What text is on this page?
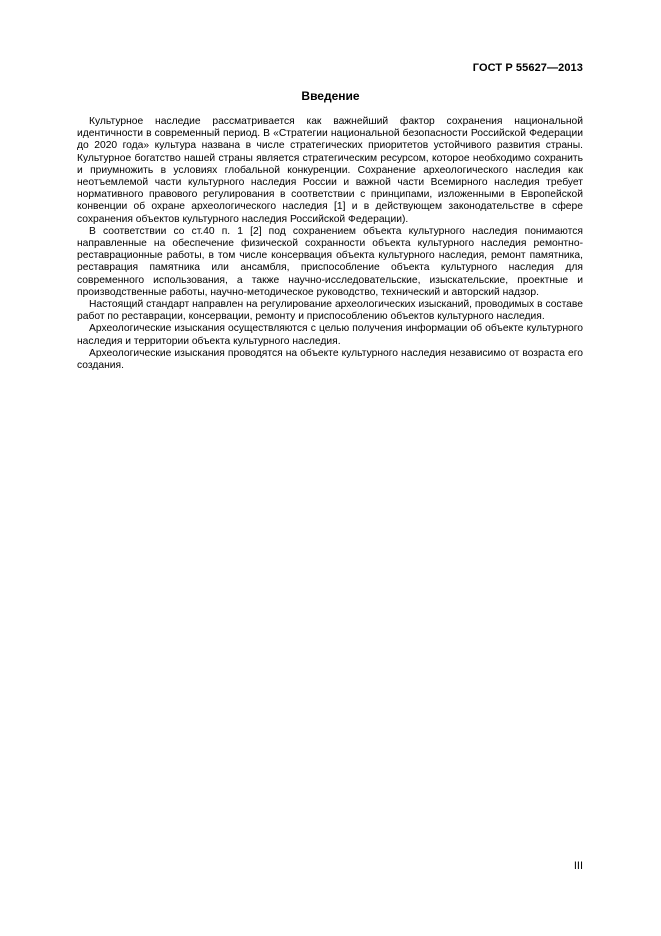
ГОСТ Р 55627—2013
Введение

Культурное наследие рассматривается как важнейший фактор сохранения национальной идентичности в современный период. В «Стратегии национальной безопасности Российской Федерации до 2020 года» культура названа в числе стратегических приоритетов устойчивого развития страны. Культурное богатство нашей страны является стратегическим ресурсом, которое необходимо сохранить и приумножить в условиях глобальной конкуренции. Сохранение археологического наследия как неотъемлемой части культурного наследия России и важной части Всемирного наследия требует нормативного правового регулирования в соответствии с принципами, изложенными в Европейской конвенции об охране археологического наследия [1] и в действующем законодательстве в сфере сохранения объектов культурного наследия Российской Федерации).

В соответствии со ст.40 п. 1 [2] под сохранением объекта культурного наследия понимаются направленные на обеспечение физической сохранности объекта культурного наследия ремонтно-реставрационные работы, в том числе консервация объекта культурного наследия, ремонт памятника, реставрация памятника или ансамбля, приспособление объекта культурного наследия для современного использования, а также научно-исследовательские, изыскательские, проектные и производственные работы, научно-методическое руководство, технический и авторский надзор.

Настоящий стандарт направлен на регулирование археологических изысканий, проводимых в составе работ по реставрации, консервации, ремонту и приспособлению объектов культурного наследия.

Археологические изыскания осуществляются с целью получения информации об объекте культурного наследия и территории объекта культурного наследия.

Археологические изыскания проводятся на объекте культурного наследия независимо от возраста его создания.

III
